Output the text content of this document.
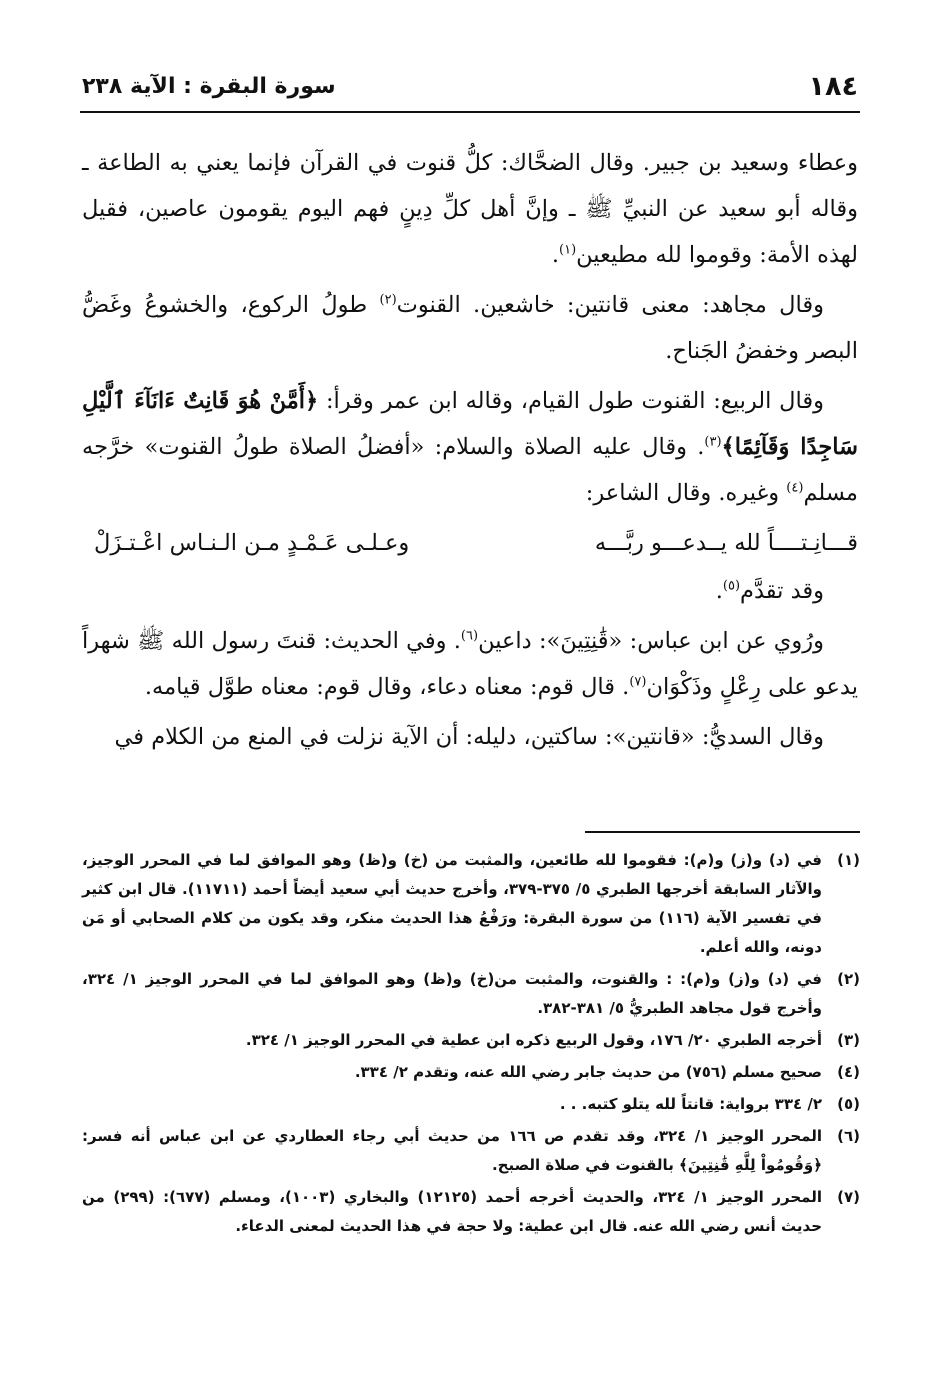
١٨٤
سورة البقرة : الآية ٢٣٨

وعطاء وسعيد بن جبير. وقال الضحَّاك: كلُّ قنوت في القرآن فإنما يعني به الطاعة ـ وقاله أبو سعيد عن النبيِّ ﷺ ـ وإنَّ أهل كلِّ دِينٍ فهم اليوم يقومون عاصين، فقيل لهذه الأمة: وقوموا لله مطيعين$^{(١)}$.

وقال مجاهد: معنى قانتين: خاشعين. القنوت$^{(٢)}$ طولُ الركوع، والخشوعُ وغَضُّ البصر وخفضُ الجَناح.

وقال الربيع: القنوت طول القيام، وقاله ابن عمر وقرأ: ﴿أَمَّنْ هُوَ قَانِتٌ ءَانَآءَ ٱلَّيْلِ سَاجِدًا وَقَآئِمًا﴾$^{(٣)}$. وقال عليه الصلاة والسلام: «أفضلُ الصلاة طولُ القنوت» خرَّجه مسلم$^{(٤)}$ وغيره. وقال الشاعر:

قـــانِـتــــاً لله يــدعـــو ربَّـــه
وعـلـى عَـمْـدٍ مـن الـنـاس اعْـتـزَلْ

وقد تقدَّم$^{(٥)}$.

ورُوي عن ابن عباس: «قَٰنِتِينَ»: داعين$^{(٦)}$. وفي الحديث: قنتَ رسول الله ﷺ شهراً يدعو على رِعْلٍ وذَكْوَان$^{(٧)}$. قال قوم: معناه دعاء، وقال قوم: معناه طوَّل قيامه.

وقال السديُّ: «قانتين»: ساكتين، دليله: أن الآية نزلت في المنع من الكلام في

(١)
في (د) و(ز) و(م): فقوموا لله طائعين، والمثبت من (خ) و(ظ) وهو الموافق لما في المحرر الوجيز، والآثار السابقة أخرجها الطبري ٥/ ٣٧٥-٣٧٩، وأخرج حديث أبي سعيد أيضاً أحمد (١١٧١١). قال ابن كثير في تفسير الآية (١١٦) من سورة البقرة: ورَفْعُ هذا الحديث منكر، وقد يكون من كلام الصحابي أو مَن دونه، والله أعلم.
(٢)
في (د) و(ز) و(م): : والقنوت، والمثبت من(خ) و(ظ) وهو الموافق لما في المحرر الوجيز ١/ ٣٢٤، وأخرج قول مجاهد الطبريُّ ٥/ ٣٨١-٣٨٢.
(٣)
أخرجه الطبري ٢٠/ ١٧٦، وقول الربيع ذكره ابن عطية في المحرر الوجيز ١/ ٣٢٤.
(٤)
صحيح مسلم (٧٥٦) من حديث جابر رضي الله عنه، وتقدم ٢/ ٣٣٤.
(٥)
٢/ ٣٣٤ برواية: قانتاً لله يتلو كتبه. . .
(٦)
المحرر الوجيز ١/ ٣٢٤، وقد تقدم ص ١٦٦ من حديث أبي رجاء العطاردي عن ابن عباس أنه فسر: ﴿وَقُومُواْ لِلَّهِ قَٰنِتِينَ﴾ بالقنوت في صلاة الصبح.
(٧)
المحرر الوجيز ١/ ٣٢٤، والحديث أخرجه أحمد (١٢١٢٥) والبخاري (١٠٠٣)، ومسلم (٦٧٧): (٢٩٩) من حديث أنس رضي الله عنه. قال ابن عطية: ولا حجة في هذا الحديث لمعنى الدعاء.
